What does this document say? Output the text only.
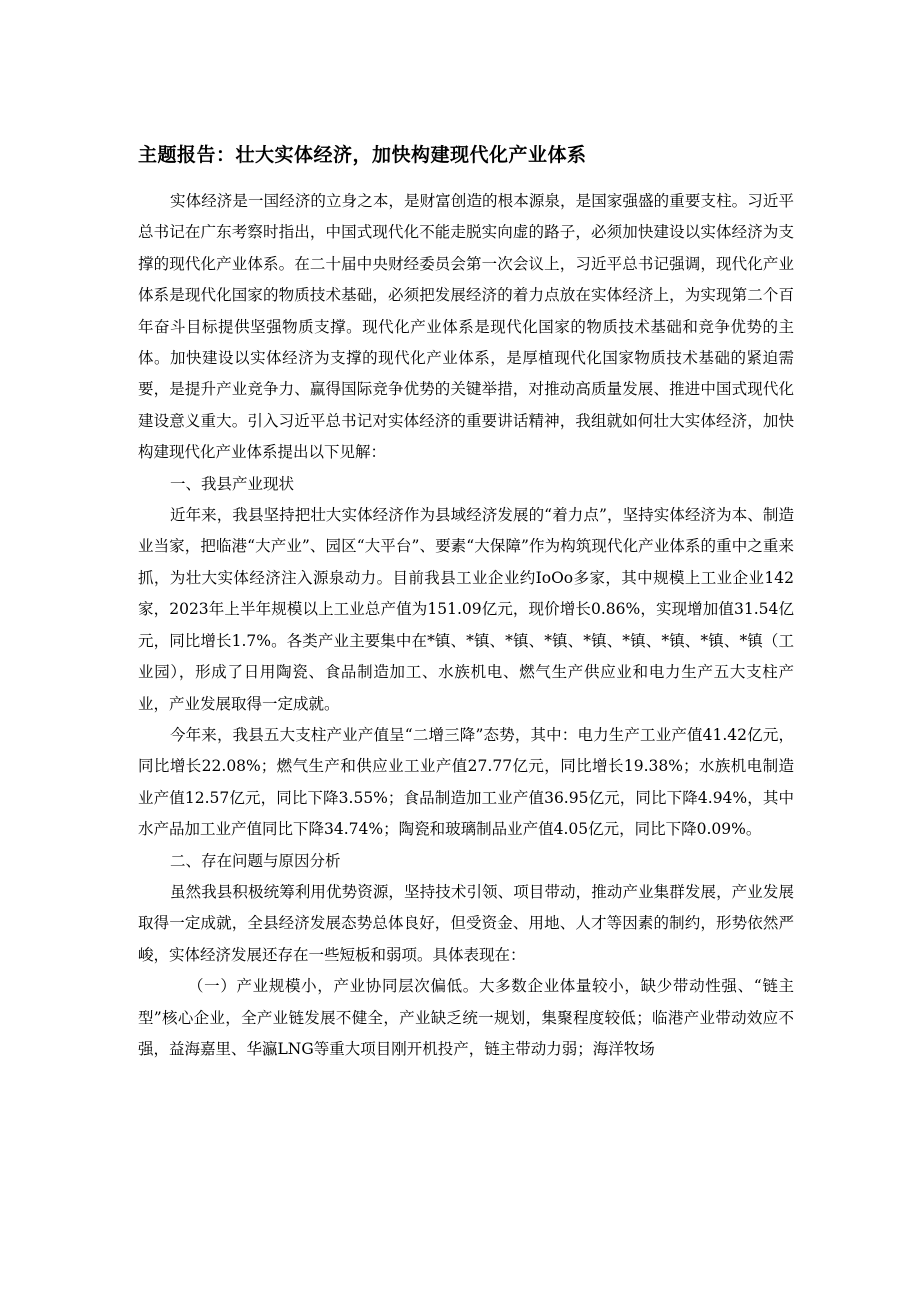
主题报告：壮大实体经济，加快构建现代化产业体系

实体经济是一国经济的立身之本，是财富创造的根本源泉，是国家强盛的重要支柱。习近平总书记在广东考察时指出，中国式现代化不能走脱实向虚的路子，必须加快建设以实体经济为支撑的现代化产业体系。在二十届中央财经委员会第一次会议上，习近平总书记强调，现代化产业体系是现代化国家的物质技术基础，必须把发展经济的着力点放在实体经济上，为实现第二个百年奋斗目标提供坚强物质支撑。现代化产业体系是现代化国家的物质技术基础和竞争优势的主体。加快建设以实体经济为支撑的现代化产业体系，是厚植现代化国家物质技术基础的紧迫需要，是提升产业竞争力、赢得国际竞争优势的关键举措，对推动高质量发展、推进中国式现代化建设意义重大。引入习近平总书记对实体经济的重要讲话精神，我组就如何壮大实体经济，加快构建现代化产业体系提出以下见解：

一、我县产业现状

近年来，我县坚持把壮大实体经济作为县域经济发展的“着力点”，坚持实体经济为本、制造业当家，把临港“大产业”、园区“大平台”、要素“大保障”作为构筑现代化产业体系的重中之重来抓，为壮大实体经济注入源泉动力。目前我县工业企业约IoOo多家，其中规模上工业企业142家，2023年上半年规模以上工业总产值为151.09亿元，现价增长0.86%，实现增加值31.54亿元，同比增长1.7%。各类产业主要集中在*镇、*镇、*镇、*镇、*镇、*镇、*镇、*镇、*镇（工业园），形成了日用陶瓷、食品制造加工、水族机电、燃气生产供应业和电力生产五大支柱产业，产业发展取得一定成就。

今年来，我县五大支柱产业产值呈“二增三降”态势，其中：电力生产工业产值41.42亿元，同比增长22.08%；燃气生产和供应业工业产值27.77亿元，同比增长19.38%；水族机电制造业产值12.57亿元，同比下降3.55%；食品制造加工业产值36.95亿元，同比下降4.94%，其中水产品加工业产值同比下降34.74%；陶瓷和玻璃制品业产值4.05亿元，同比下降0.09%。

二、存在问题与原因分析

虽然我县积极统筹利用优势资源，坚持技术引领、项目带动，推动产业集群发展，产业发展取得一定成就，全县经济发展态势总体良好，但受资金、用地、人才等因素的制约，形势依然严峻，实体经济发展还存在一些短板和弱项。具体表现在：

（一）产业规模小，产业协同层次偏低。大多数企业体量较小，缺少带动性强、“链主型”核心企业，全产业链发展不健全，产业缺乏统一规划，集聚程度较低；临港产业带动效应不强，益海嘉里、华瀛LNG等重大项目刚开机投产，链主带动力弱；海洋牧场
